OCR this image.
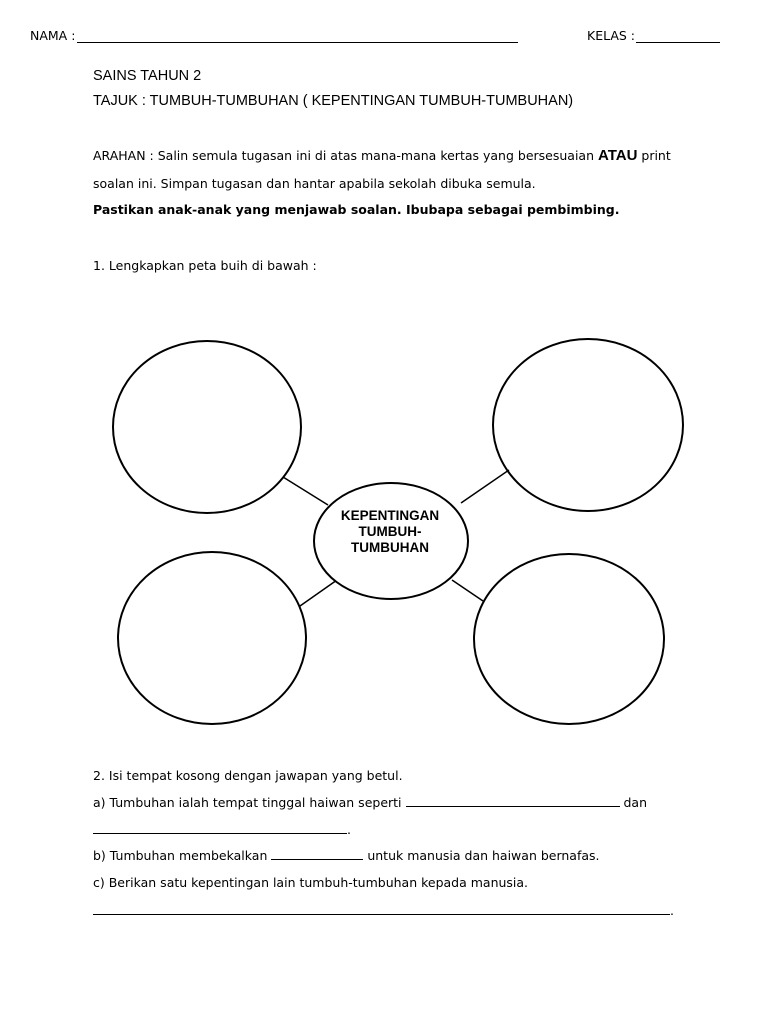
NAMA :	KELAS :
SAINS TAHUN 2
TAJUK : TUMBUH-TUMBUHAN ( KEPENTINGAN TUMBUH-TUMBUHAN)
ARAHAN : Salin semula tugasan ini di atas mana-mana kertas yang bersesuaian ATAU print
soalan ini. Simpan tugasan dan hantar apabila sekolah dibuka semula.
Pastikan anak-anak yang menjawab soalan. Ibubapa sebagai pembimbing.
1. Lengkapkan peta buih di bawah :
KEPENTINGAN
TUMBUH-
TUMBUHAN
2. Isi tempat kosong dengan jawapan yang betul.
a) Tumbuhan ialah tempat tinggal haiwan seperti	dan
.
b) Tumbuhan membekalkan	untuk manusia dan haiwan bernafas.
c) Berikan satu kepentingan lain tumbuh-tumbuhan kepada manusia.
.
